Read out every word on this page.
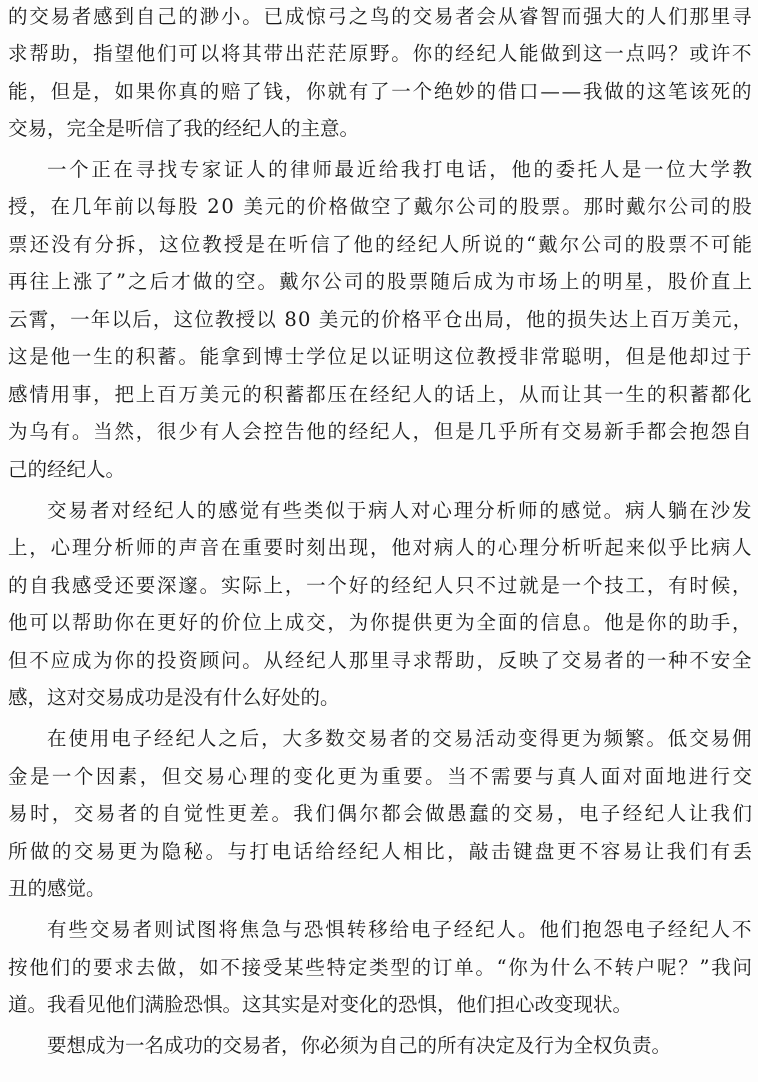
的交易者感到自己的渺小。已成惊弓之鸟的交易者会从睿智而强大的人们那里寻
求帮助，指望他们可以将其带出茫茫原野。你的经纪人能做到这一点吗？或许不
能，但是，如果你真的赔了钱，你就有了一个绝妙的借口——我做的这笔该死的
交易，完全是听信了我的经纪人的主意。
一个正在寻找专家证人的律师最近给我打电话，他的委托人是一位大学教
授，在几年前以每股 20 美元的价格做空了戴尔公司的股票。那时戴尔公司的股
票还没有分拆，这位教授是在听信了他的经纪人所说的“戴尔公司的股票不可能
再往上涨了”之后才做的空。戴尔公司的股票随后成为市场上的明星，股价直上
云霄，一年以后，这位教授以 80 美元的价格平仓出局，他的损失达上百万美元，
这是他一生的积蓄。能拿到博士学位足以证明这位教授非常聪明，但是他却过于
感情用事，把上百万美元的积蓄都压在经纪人的话上，从而让其一生的积蓄都化
为乌有。当然，很少有人会控告他的经纪人，但是几乎所有交易新手都会抱怨自
己的经纪人。
交易者对经纪人的感觉有些类似于病人对心理分析师的感觉。病人躺在沙发
上，心理分析师的声音在重要时刻出现，他对病人的心理分析听起来似乎比病人
的自我感受还要深邃。实际上，一个好的经纪人只不过就是一个技工，有时候，
他可以帮助你在更好的价位上成交，为你提供更为全面的信息。他是你的助手，
但不应成为你的投资顾问。从经纪人那里寻求帮助，反映了交易者的一种不安全
感，这对交易成功是没有什么好处的。
在使用电子经纪人之后，大多数交易者的交易活动变得更为频繁。低交易佣
金是一个因素，但交易心理的变化更为重要。当不需要与真人面对面地进行交
易时，交易者的自觉性更差。我们偶尔都会做愚蠢的交易，电子经纪人让我们
所做的交易更为隐秘。与打电话给经纪人相比，敲击键盘更不容易让我们有丢
丑的感觉。
有些交易者则试图将焦急与恐惧转移给电子经纪人。他们抱怨电子经纪人不
按他们的要求去做，如不接受某些特定类型的订单。“你为什么不转户呢？”我问
道。我看见他们满脸恐惧。这其实是对变化的恐惧，他们担心改变现状。
要想成为一名成功的交易者，你必须为自己的所有决定及行为全权负责。
